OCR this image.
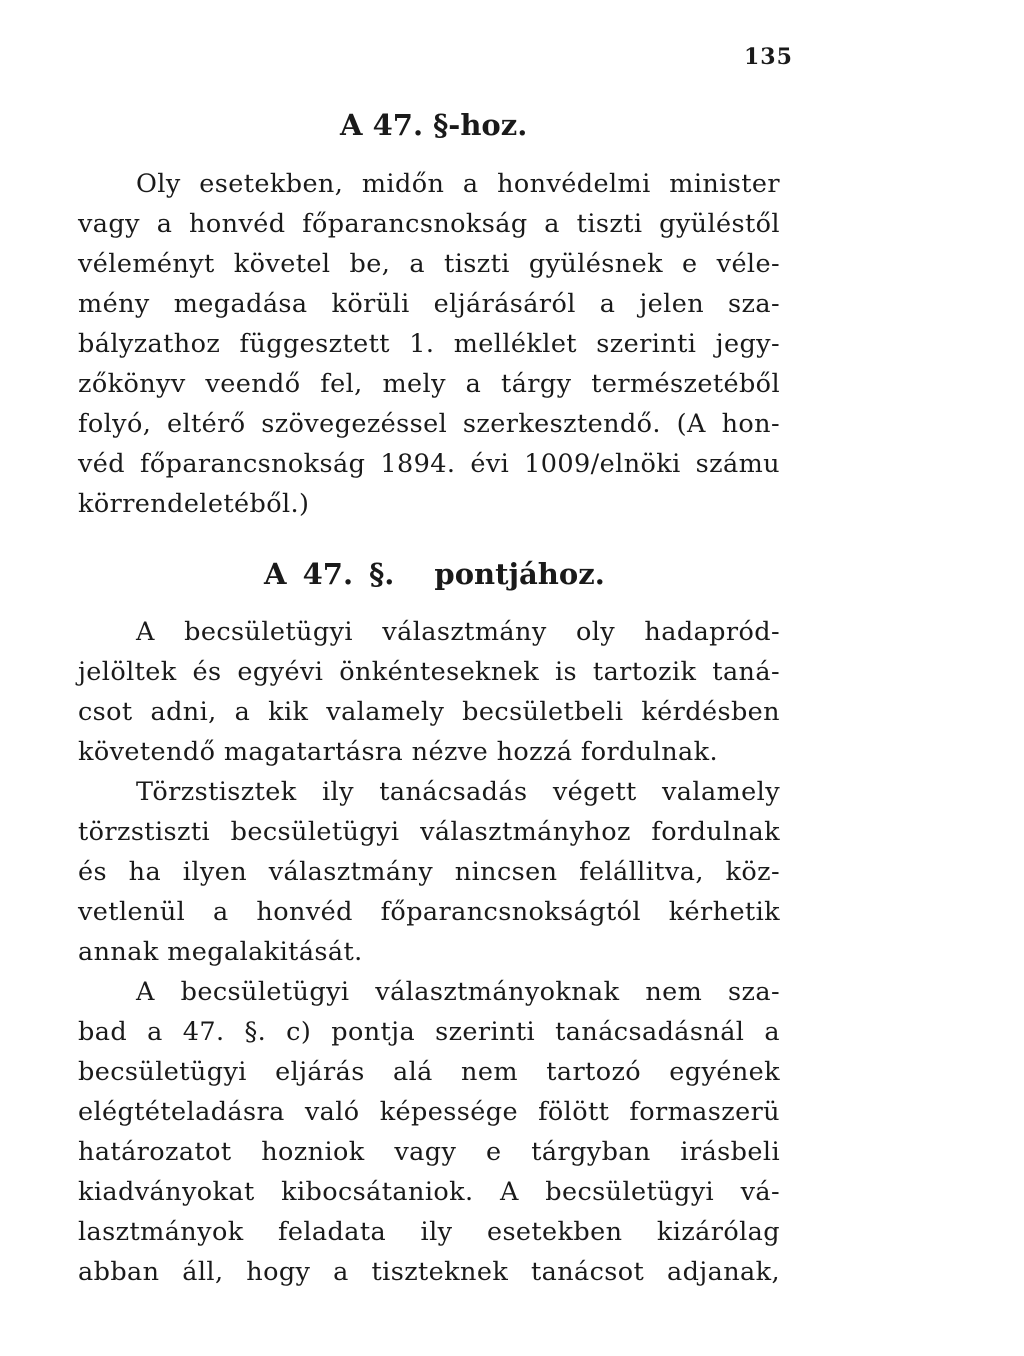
135
A 47. §-hoz.
Oly esetekben, midőn a honvédelmi minister
vagy a honvéd főparancsnokság a tiszti gyüléstől
véleményt követel be, a tiszti gyülésnek e véle-
mény megadása körüli eljárásáról a jelen sza-
bályzathoz függesztett 1. melléklet szerinti jegy-
zőkönyv veendő fel, mely a tárgy természetéből
folyó, eltérő szövegezéssel szerkesztendő. (A hon-
véd főparancsnokság 1894. évi 1009/elnöki számu
körrendeletéből.)
A 47. §. pontjához.
A becsületügyi választmány oly hadapród-
jelöltek és egyévi önkénteseknek is tartozik taná-
csot adni, a kik valamely becsületbeli kérdésben
követendő magatartásra nézve hozzá fordulnak.
Törzstisztek ily tanácsadás végett valamely
törzstiszti becsületügyi választmányhoz fordulnak
és ha ilyen választmány nincsen felállitva, köz-
vetlenül a honvéd főparancsnokságtól kérhetik
annak megalakitását.
A becsületügyi választmányoknak nem sza-
bad a 47. §. c) pontja szerinti tanácsadásnál a
becsületügyi eljárás alá nem tartozó egyének
elégtételadásra való képessége fölött formaszerü
határozatot hozniok vagy e tárgyban irásbeli
kiadványokat kibocsátaniok. A becsületügyi vá-
lasztmányok feladata ily esetekben kizárólag
abban áll, hogy a tiszteknek tanácsot adjanak,
